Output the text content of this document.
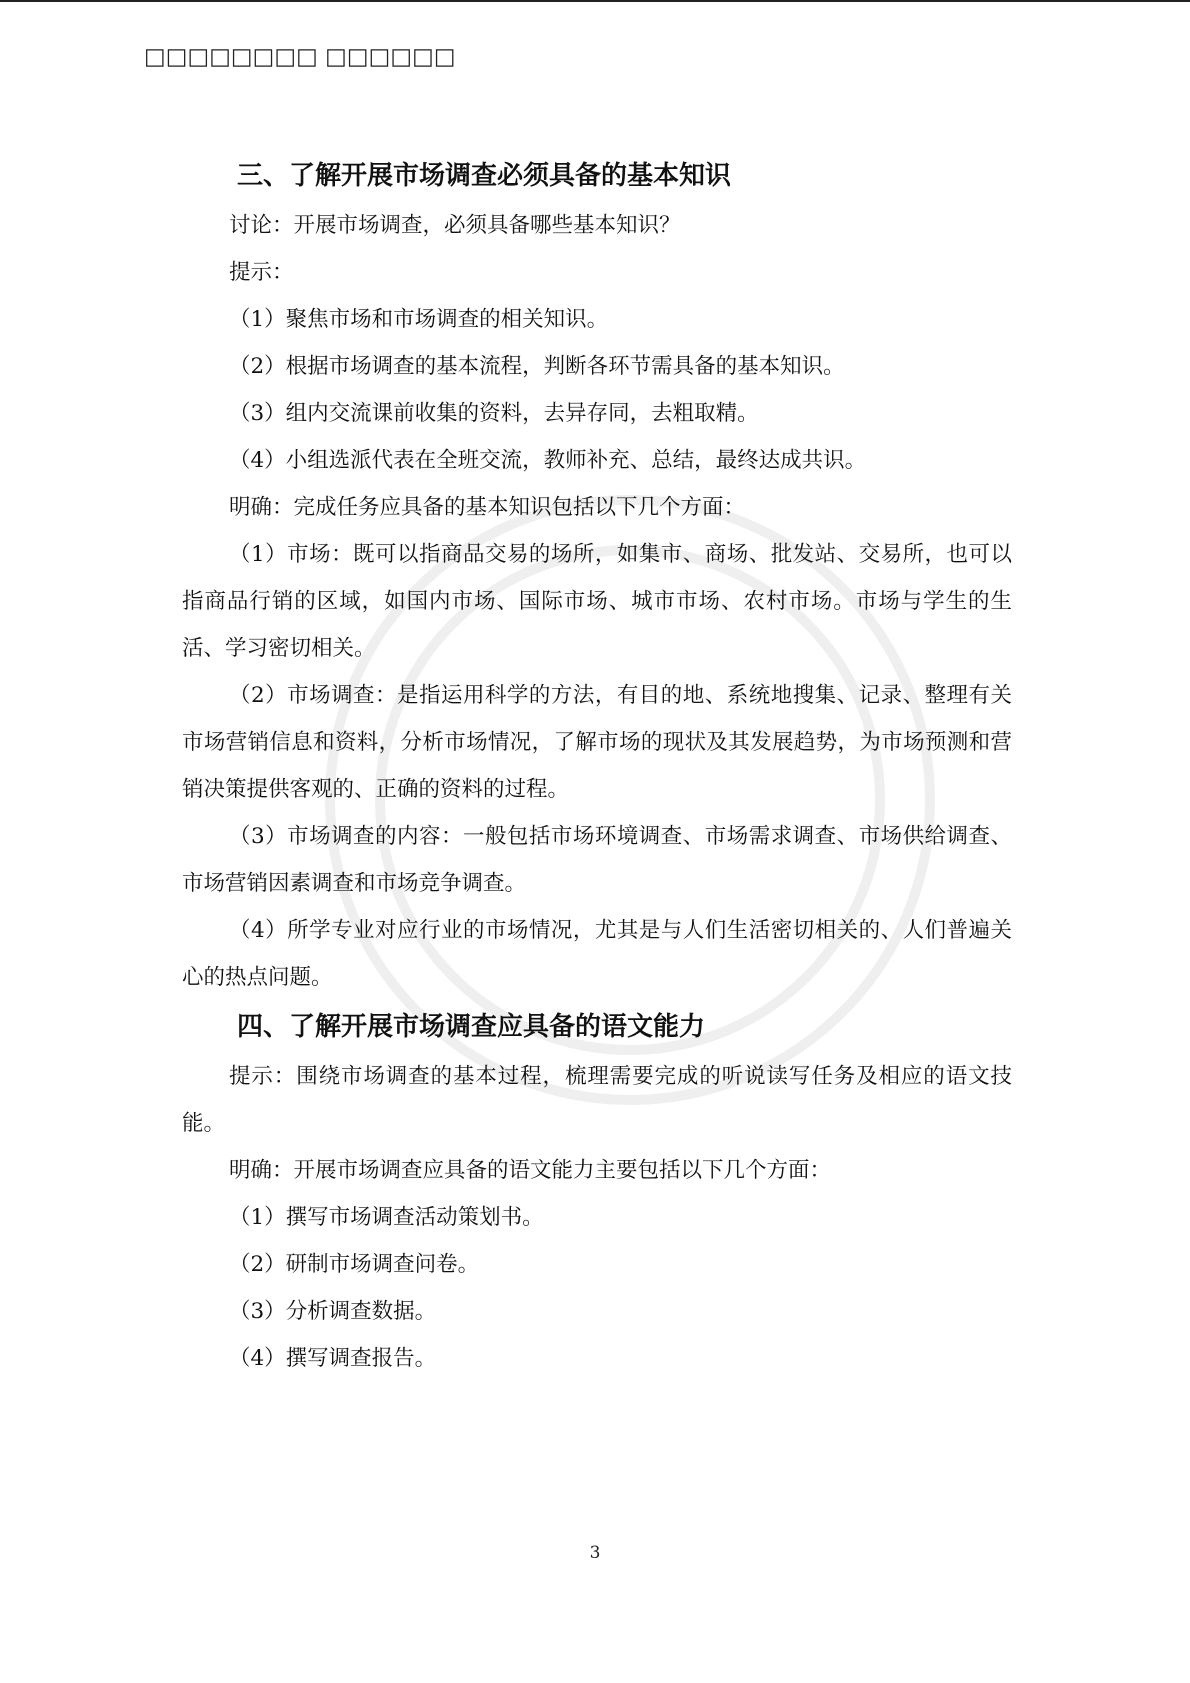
□□□□□□□□ □□□□□□
三、了解开展市场调查必须具备的基本知识

讨论：开展市场调查，必须具备哪些基本知识？

提示：

（1）聚焦市场和市场调查的相关知识。

（2）根据市场调查的基本流程，判断各环节需具备的基本知识。

（3）组内交流课前收集的资料，去异存同，去粗取精。

（4）小组选派代表在全班交流，教师补充、总结，最终达成共识。

明确：完成任务应具备的基本知识包括以下几个方面：

（1）市场：既可以指商品交易的场所，如集市、商场、批发站、交易所，也可以指商品行销的区域，如国内市场、国际市场、城市市场、农村市场。市场与学生的生活、学习密切相关。

（2）市场调查：是指运用科学的方法，有目的地、系统地搜集、记录、整理有关市场营销信息和资料，分析市场情况，了解市场的现状及其发展趋势，为市场预测和营销决策提供客观的、正确的资料的过程。

（3）市场调查的内容：一般包括市场环境调查、市场需求调查、市场供给调查、市场营销因素调查和市场竞争调查。

（4）所学专业对应行业的市场情况，尤其是与人们生活密切相关的、人们普遍关心的热点问题。

四、了解开展市场调查应具备的语文能力

提示：围绕市场调查的基本过程，梳理需要完成的听说读写任务及相应的语文技能。

明确：开展市场调查应具备的语文能力主要包括以下几个方面：

（1）撰写市场调查活动策划书。

（2）研制市场调查问卷。

（3）分析调查数据。

（4）撰写调查报告。

3
